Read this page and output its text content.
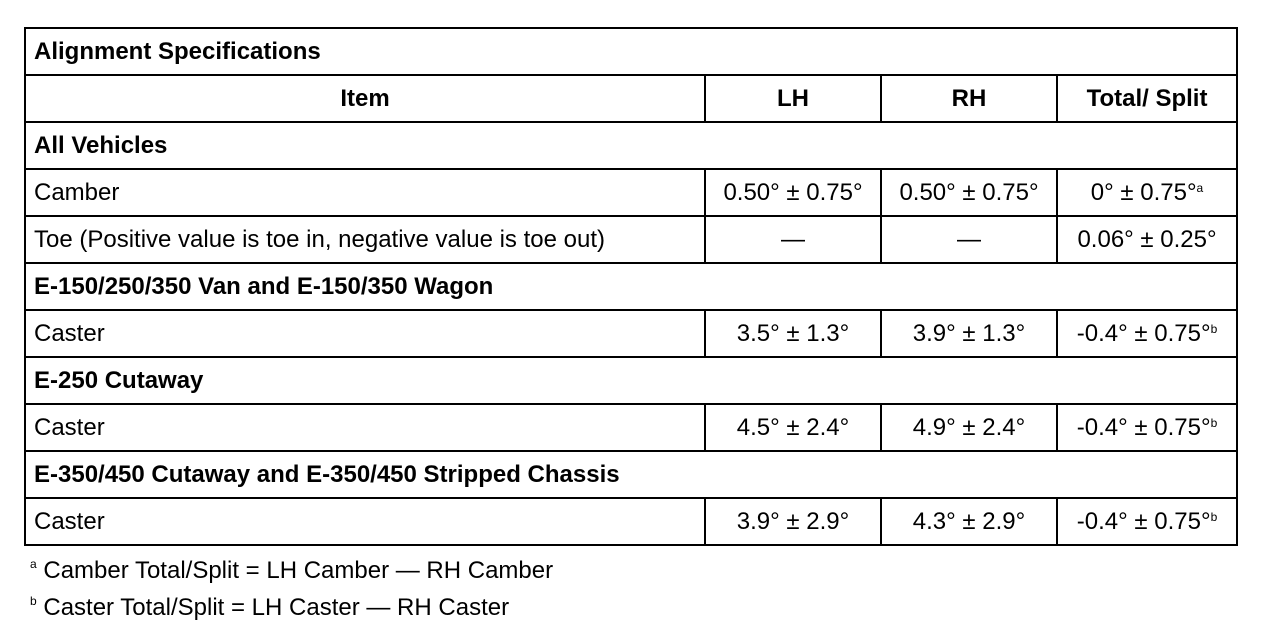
Alignment Specifications			
Item	LH	RH	Total/ Split
All Vehicles			
Camber	0.50° ± 0.75°	0.50° ± 0.75°	0° ± 0.75°$^a$
Toe (Positive value is toe in, negative value is toe out)	—	—	0.06° ± 0.25°
E-150/250/350 Van and E-150/350 Wagon			
Caster	3.5° ± 1.3°	3.9° ± 1.3°	-0.4° ± 0.75°$^b$
E-250 Cutaway			
Caster	4.5° ± 2.4°	4.9° ± 2.4°	-0.4° ± 0.75°$^b$
E-350/450 Cutaway and E-350/450 Stripped Chassis			
Caster	3.9° ± 2.9°	4.3° ± 2.9°	-0.4° ± 0.75°$^b$
$^a$ Camber Total/Split = LH Camber — RH Camber
$^b$ Caster Total/Split = LH Caster — RH Caster
